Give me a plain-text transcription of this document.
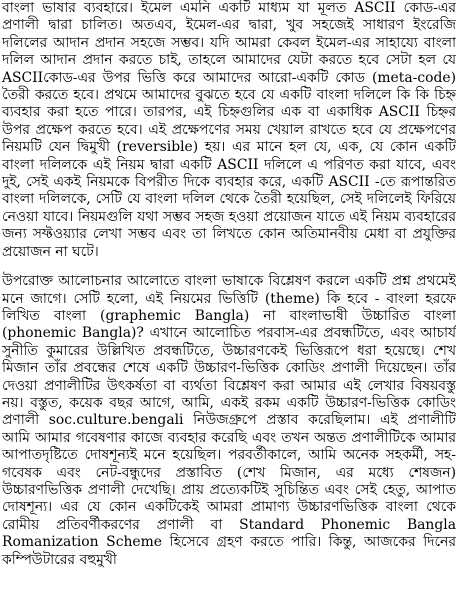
বাংলা ভাষার ব্যবহারে। ইমেল এমনি একটি মাধ্যম যা মূলত ASCII কোড-এর প্রণালী দ্বারা চালিত। অতএব, ইমেল-এর দ্বারা, খুব সহজেই সাধারণ ইংরেজি দলিলের আদান প্রদান সহজে সম্ভব। যদি আমরা কেবল ইমেল-এর সাহায্যে বাংলা দলিল আদান প্রদান করতে চাই, তাহলে আমাদের যেটা করতে হবে সেটা হল যে ASCIIকোড-এর উপর ভিত্তি করে আমাদের আরো-একটি কোড (meta-code) তৈরী করতে হবে। প্রথমে আমাদের বুঝতে হবে যে একটি বাংলা দলিলে কি কি চিহ্ন ব্যবহার করা হতে পারে। তারপর, এই চিহ্নগুলির এক বা একাধিক ASCII চিহ্নর উপর প্রক্ষেপ করতে হবে। এই প্রক্ষেপণের সময় খেয়াল রাখতে হবে যে প্রক্ষেপণের নিয়মটি যেন দ্বিমুখী (reversible) হয়। এর মানে হল যে, এক, যে কোন একটি বাংলা দলিলকে এই নিয়ম দ্বারা একটি ASCII দলিলে এ পরিণত করা যাবে, এবং দুই, সেই একই নিয়মকে বিপরীত দিকে ব্যবহার করে, একটি ASCII -তে রূপান্তরিত বাংলা দলিলকে, সেটি যে বাংলা দলিল থেকে তৈরী হয়েছিল, সেই দলিলেই ফিরিয়ে নেওয়া যাবে। নিয়মগুলি যথা সম্ভব সহজ হওয়া প্রয়োজন যাতে এই নিয়ম ব্যবহারের জন্য সফ্টওয়্যার লেখা সম্ভব এবং তা লিখতে কোন অতিমানবীয় মেধা বা প্রযুক্তির প্রয়োজন না ঘটে।

উপরোক্ত আলোচনার আলোতে বাংলা ভাষাকে বিশ্লেষণ করলে একটি প্রশ্ন প্রথমেই মনে জাগে। সেটি হলো, এই নিয়মের ভিত্তিটি (theme) কি হবে - বাংলা হরফে লিখিত বাংলা (graphemic Bangla) না বাংলাভাষী উচ্চারিত বাংলা (phonemic Bangla)? এখানে আলোচিত পরবাস-এর প্রবন্ধটিতে, এবং আচার্য সুনীতি কুমারের উল্লিখিত প্রবন্ধটিতে, উচ্চারণকেই ভিত্তিরূপে ধরা হয়েছে। শেখ মিজান তাঁর প্রবন্ধের শেষে একটি উচ্চারণ-ভিত্তিক কোডিং প্রণালী দিয়েছেন। তাঁর দেওয়া প্রণালীটির উৎকর্ষতা বা ব্যর্থতা বিশ্লেষণ করা আমার এই লেখার বিষয়বস্তু নয়। বস্তুত, কয়েক বছর আগে, আমি, একই রকম একটি উচ্চারণ-ভিত্তিক কোডিং প্রণালী soc.culture.bengali নিউজগ্রুপে প্রস্তাব করেছিলাম। এই প্রণালীটি আমি আমার গবেষণার কাজে ব্যবহার করেছি এবং তখন অন্তত প্রণালীটিকে আমার আপাতদৃষ্টিতে দোষশূন্যই মনে হয়েছিল। পরবর্তীকালে, আমি অনেক সহকর্মী, সহ-গবেষক এবং নেট-বন্ধুদের প্রস্তাবিত (শেখ মিজান, এর মধ্যে শেষজন) উচ্চারণভিত্তিক প্রণালী দেখেছি। প্রায় প্রত্যেকটিই সুচিন্তিত এবং সেই হেতু, আপাত দোষশূন্য। এর যে কোন একটিকেই আমরা প্রামাণ্য উচ্চারণভিত্তিক বাংলা থেকে রোমীয় প্রতিবর্ণীকরণের প্রণালী বা Standard Phonemic Bangla Romanization Scheme হিসেবে গ্রহণ করতে পারি। কিন্তু, আজকের দিনের কম্পিউটারের বহুমুখী
